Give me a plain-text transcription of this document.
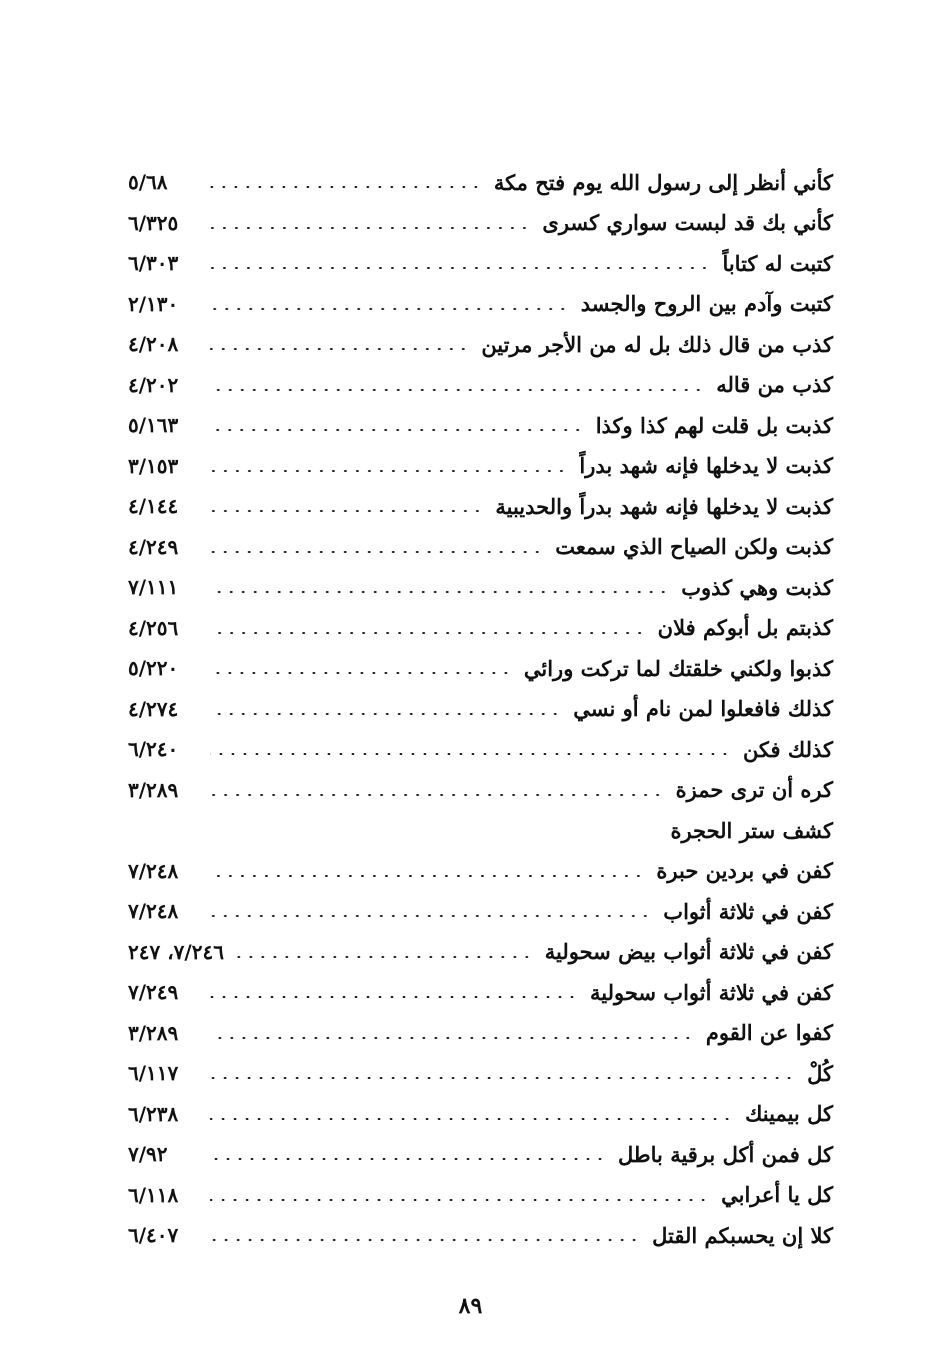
كأني أنظر إلى رسول الله يوم فتح مكة
٥/٦٨
كأني بك قد لبست سواري كسرى
٦/٣٢٥
كتبت له كتاباً
٦/٣٠٣
كتبت وآدم بين الروح والجسد
٢/١٣٠
كذب من قال ذلك بل له من الأجر مرتين
٤/٢٠٨
كذب من قاله
٤/٢٠٢
كذبت بل قلت لهم كذا وكذا
٥/١٦٣
كذبت لا يدخلها فإنه شهد بدراً
٣/١٥٣
كذبت لا يدخلها فإنه شهد بدراً والحديبية
٤/١٤٤
كذبت ولكن الصياح الذي سمعت
٤/٢٤٩
كذبت وهي كذوب
٧/١١١
كذبتم بل أبوكم فلان
٤/٢٥٦
كذبوا ولكني خلقتك لما تركت ورائي
٥/٢٢٠
كذلك فافعلوا لمن نام أو نسي
٤/٢٧٤
كذلك فكن
٦/٢٤٠
كره أن ترى حمزة
٣/٢٨٩
كشف ستر الحجرة
كفن في بردين حبرة
٧/٢٤٨
كفن في ثلاثة أثواب
٧/٢٤٨
كفن في ثلاثة أثواب بيض سحولية
٧/٢٤٦، ٢٤٧
كفن في ثلاثة أثواب سحولية
٧/٢٤٩
كفوا عن القوم
٣/٢٨٩
كُلْ
٦/١١٧
كل بيمينك
٦/٢٣٨
كل فمن أكل برقية باطل
٧/٩٢
كل يا أعرابي
٦/١١٨
كلا إن يحسبكم القتل
٦/٤٠٧
٨٩
